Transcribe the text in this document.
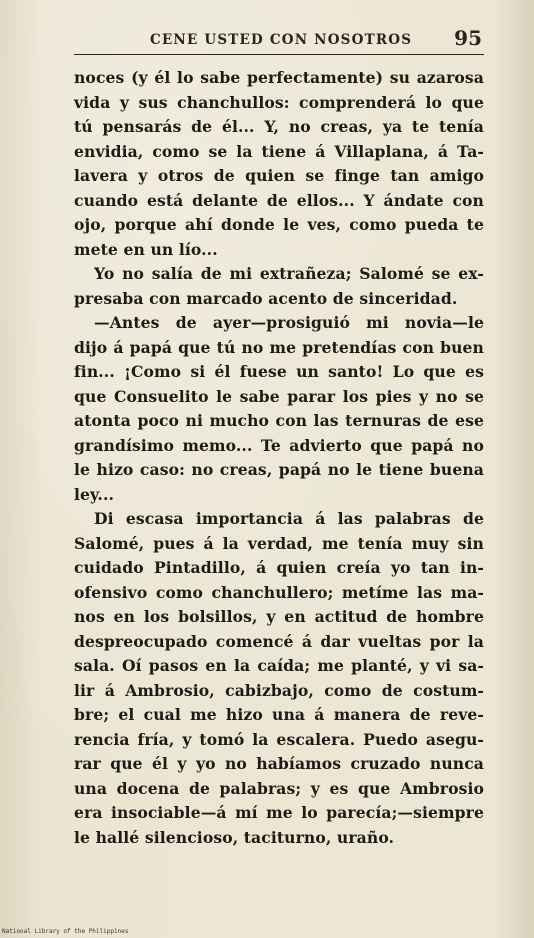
CENE USTED CON NOSOTROS 95
noces (y él lo sabe perfectamente) su azarosa
vida y sus chanchullos: comprenderá lo que
tú pensarás de él... Y, no creas, ya te tenía
envidia, como se la tiene á Villaplana, á Ta-
lavera y otros de quien se finge tan amigo
cuando está delante de ellos... Y ándate con
ojo, porque ahí donde le ves, como pueda te
mete en un lío...
Yo no salía de mi extrañeza; Salomé se ex-
presaba con marcado acento de sinceridad.
—Antes de ayer—prosiguió mi novia—le
dijo á papá que tú no me pretendías con buen
fin... ¡Como si él fuese un santo! Lo que es
que Consuelito le sabe parar los pies y no se
atonta poco ni mucho con las ternuras de ese
grandísimo memo... Te advierto que papá no
le hizo caso: no creas, papá no le tiene buena
ley...
Di escasa importancia á las palabras de
Salomé, pues á la verdad, me tenía muy sin
cuidado Pintadillo, á quien creía yo tan in-
ofensivo como chanchullero; metíme las ma-
nos en los bolsillos, y en actitud de hombre
despreocupado comencé á dar vueltas por la
sala. Oí pasos en la caída; me planté, y vi sa-
lir á Ambrosio, cabizbajo, como de costum-
bre; el cual me hizo una á manera de reve-
rencia fría, y tomó la escalera. Puedo asegu-
rar que él y yo no habíamos cruzado nunca
una docena de palabras; y es que Ambrosio
era insociable—á mí me lo parecía;—siempre
le hallé silencioso, taciturno, uraño.
National Library of the Philippines
